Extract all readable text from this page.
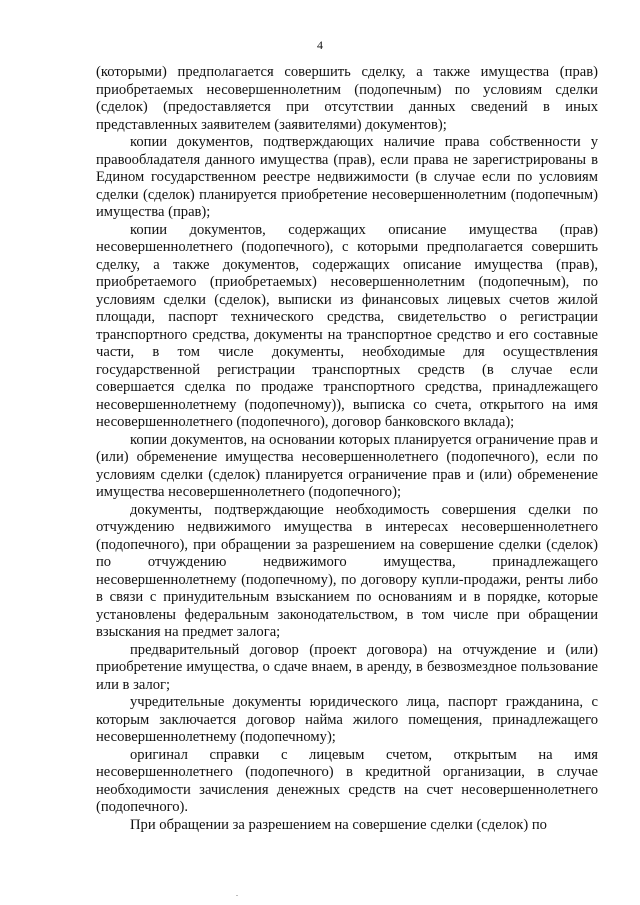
4

(которыми) предполагается совершить сделку, а также имущества (прав) приобретаемых несовершеннолетним (подопечным) по условиям сделки (сделок) (предоставляется при отсутствии данных сведений в иных представленных заявителем (заявителями) документов);

копии документов, подтверждающих наличие права собственности у правообладателя данного имущества (прав), если права не зарегистрированы в Едином государственном реестре недвижимости (в случае если по условиям сделки (сделок) планируется приобретение несовершеннолетним (подопечным) имущества (прав);

копии документов, содержащих описание имущества (прав) несовершеннолетнего (подопечного), с которыми предполагается совершить сделку, а также документов, содержащих описание имущества (прав), приобретаемого (приобретаемых) несовершеннолетним (подопечным), по условиям сделки (сделок), выписки из финансовых лицевых счетов жилой площади, паспорт технического средства, свидетельство о регистрации транспортного средства, документы на транспортное средство и его составные части, в том числе документы, необходимые для осуществления государственной регистрации транспортных средств (в случае если совершается сделка по продаже транспортного средства, принадлежащего несовершеннолетнему (подопечному)), выписка со счета, открытого на имя несовершеннолетнего (подопечного), договор банковского вклада);

копии документов, на основании которых планируется ограничение прав и (или) обременение имущества несовершеннолетнего (подопечного), если по условиям сделки (сделок) планируется ограничение прав и (или) обременение имущества несовершеннолетнего (подопечного);

документы, подтверждающие необходимость совершения сделки по отчуждению недвижимого имущества в интересах несовершеннолетнего (подопечного), при обращении за разрешением на совершение сделки (сделок) по отчуждению недвижимого имущества, принадлежащего несовершеннолетнему (подопечному), по договору купли-продажи, ренты либо в связи с принудительным взысканием по основаниям и в порядке, которые установлены федеральным законодательством, в том числе при обращении взыскания на предмет залога;

предварительный договор (проект договора) на отчуждение и (или) приобретение имущества, о сдаче внаем, в аренду, в безвозмездное пользование или в залог;

учредительные документы юридического лица, паспорт гражданина, с которым заключается договор найма жилого помещения, принадлежащего несовершеннолетнему (подопечному);

оригинал справки с лицевым счетом, открытым на имя несовершеннолетнего (подопечного) в кредитной организации, в случае необходимости зачисления денежных средств на счет несовершеннолетнего (подопечного).

При обращении за разрешением на совершение сделки (сделок) по
